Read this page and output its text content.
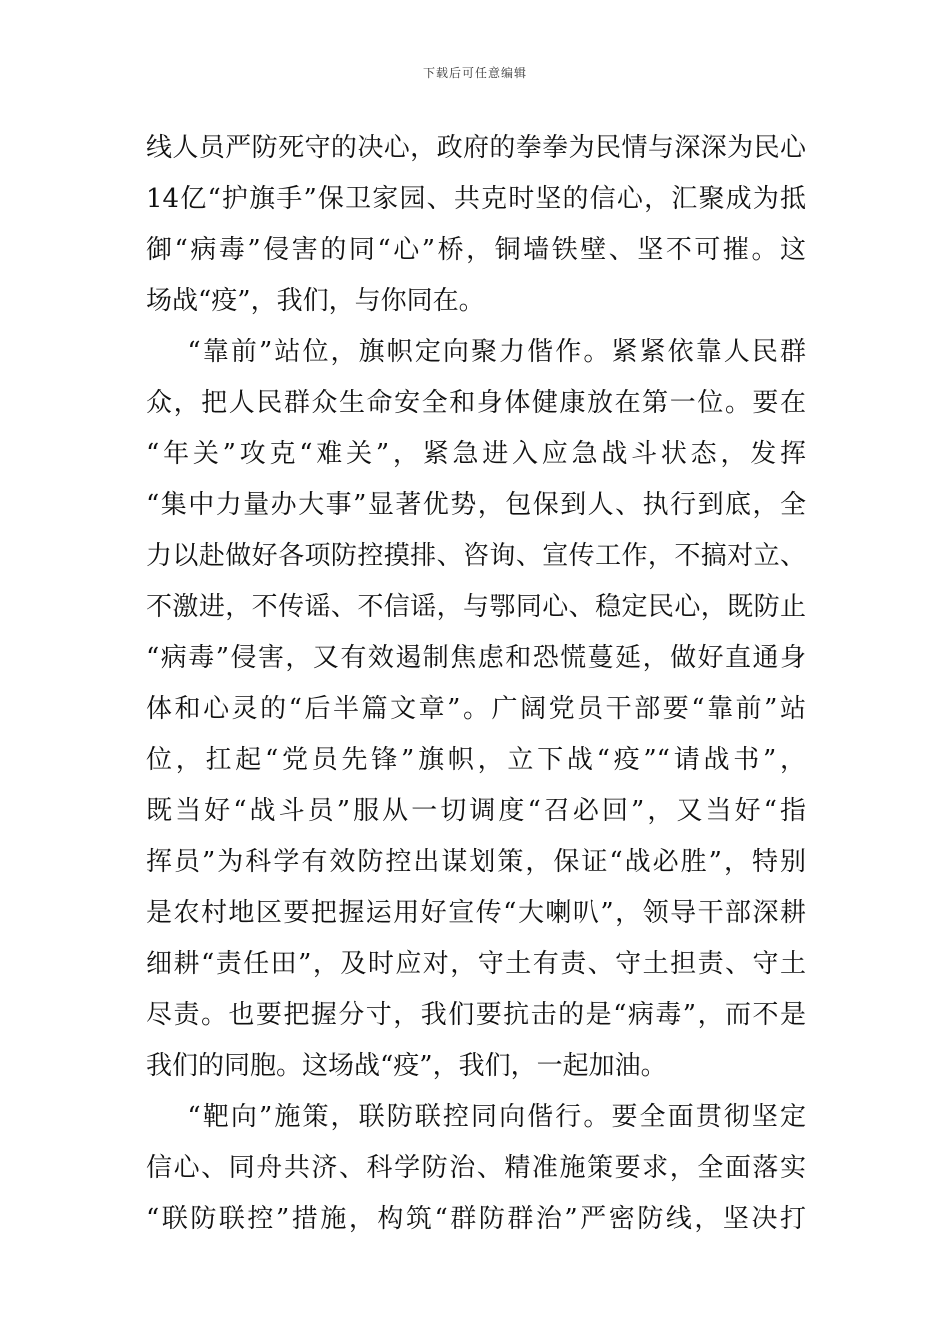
下载后可任意编辑
线人员严防死守的决心，政府的拳拳为民情与深深为民心
14亿“护旗手”保卫家园、共克时坚的信心，汇聚成为抵
御“病毒”侵害的同“心”桥，铜墙铁壁、坚不可摧。这
场战“疫”，我们，与你同在。
“靠前”站位，旗帜定向聚力偕作。紧紧依靠人民群
众，把人民群众生命安全和身体健康放在第一位。要在
“年关”攻克“难关”，紧急进入应急战斗状态，发挥
“集中力量办大事”显著优势，包保到人、执行到底，全
力以赴做好各项防控摸排、咨询、宣传工作，不搞对立、
不激进，不传谣、不信谣，与鄂同心、稳定民心，既防止
“病毒”侵害，又有效遏制焦虑和恐慌蔓延，做好直通身
体和心灵的“后半篇文章”。广阔党员干部要“靠前”站
位，扛起“党员先锋”旗帜，立下战“疫”“请战书”，
既当好“战斗员”服从一切调度“召必回”，又当好“指
挥员”为科学有效防控出谋划策，保证“战必胜”，特别
是农村地区要把握运用好宣传“大喇叭”，领导干部深耕
细耕“责任田”，及时应对，守土有责、守土担责、守土
尽责。也要把握分寸，我们要抗击的是“病毒”，而不是
我们的同胞。这场战“疫”，我们，一起加油。
“靶向”施策，联防联控同向偕行。要全面贯彻坚定
信心、同舟共济、科学防治、精准施策要求，全面落实
“联防联控”措施，构筑“群防群治”严密防线，坚决打
